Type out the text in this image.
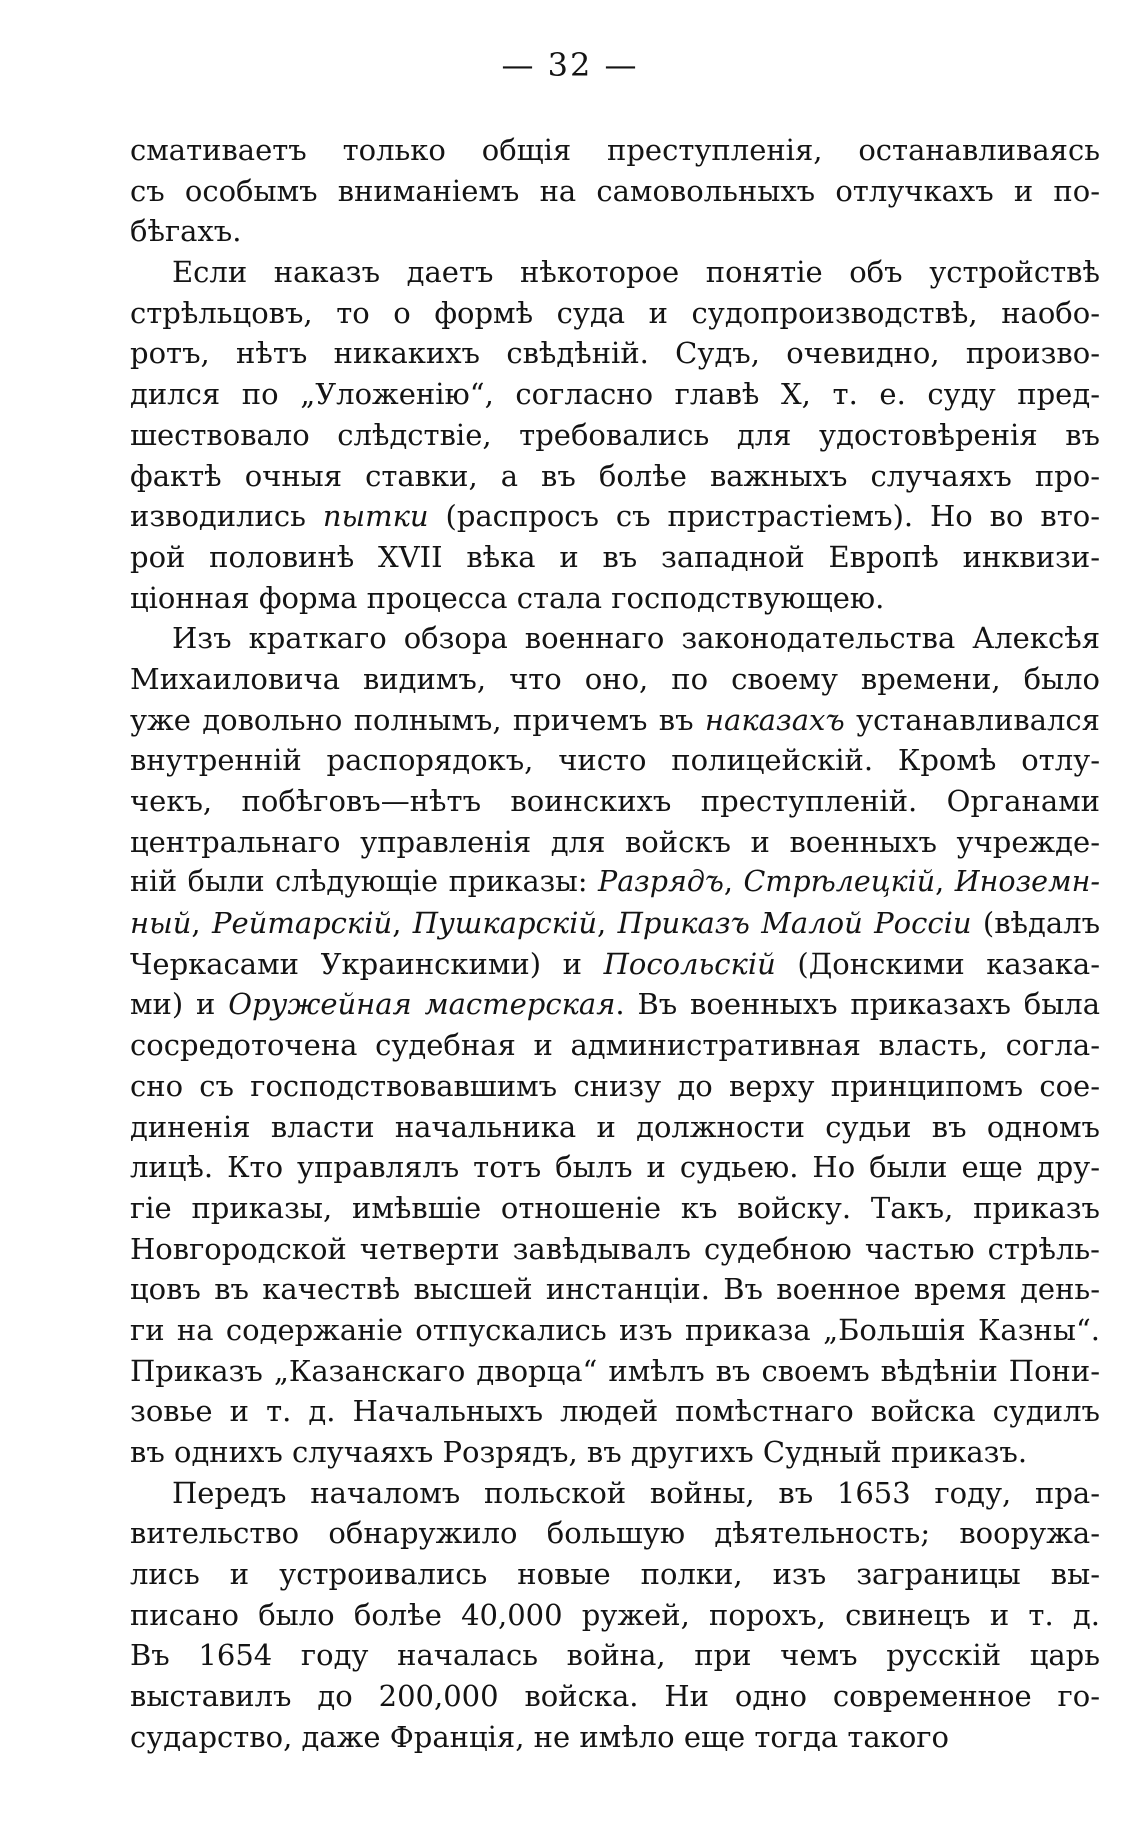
— 32 —
смативаетъ только общія преступленія, останавливаясь
съ особымъ вниманіемъ на самовольныхъ отлучкахъ и по-
бѣгахъ.
Если наказъ даетъ нѣкоторое понятіе объ устройствѣ
стрѣльцовъ, то о формѣ суда и судопроизводствѣ, наобо-
ротъ, нѣтъ никакихъ свѣдѣній. Судъ, очевидно, произво-
дился по „Уложенію“, согласно главѣ X, т. е. суду пред-
шествовало слѣдствіе, требовались для удостовѣренія въ
фактѣ очныя ставки, а въ болѣе важныхъ случаяхъ про-
изводились пытки (распросъ съ пристрастіемъ). Но во вто-
рой половинѣ XVII вѣка и въ западной Европѣ инквизи-
ціонная форма процесса стала господствующею.
Изъ краткаго обзора военнаго законодательства Алексѣя
Михаиловича видимъ, что оно, по своему времени, было
уже довольно полнымъ, причемъ въ наказахъ устанавливался
внутренній распорядокъ, чисто полицейскій. Кромѣ отлу-
чекъ, побѣговъ—нѣтъ воинскихъ преступленій. Органами
центральнаго управленія для войскъ и военныхъ учрежде-
ній были слѣдующіе приказы: Разрядъ, Стрѣлецкій, Иноземн-
ный, Рейтарскій, Пушкарскій, Приказъ Малой Россіи (вѣдалъ
Черкасами Украинскими) и Посольскій (Донскими казака-
ми) и Оружейная мастерская. Въ военныхъ приказахъ была
сосредоточена судебная и административная власть, согла-
сно съ господствовавшимъ снизу до верху принципомъ сое-
диненія власти начальника и должности судьи въ одномъ
лицѣ. Кто управлялъ тотъ былъ и судьею. Но были еще дру-
гіе приказы, имѣвшіе отношеніе къ войску. Такъ, приказъ
Новгородской четверти завѣдывалъ судебною частью стрѣль-
цовъ въ качествѣ высшей инстанціи. Въ военное время день-
ги на содержаніе отпускались изъ приказа „Большія Казны“.
Приказъ „Казанскаго дворца“ имѣлъ въ своемъ вѣдѣніи Пони-
зовье и т. д. Начальныхъ людей помѣстнаго войска судилъ
въ однихъ случаяхъ Розрядъ, въ другихъ Судный приказъ.
Передъ началомъ польской войны, въ 1653 году, пра-
вительство обнаружило большую дѣятельность; вооружа-
лись и устроивались новые полки, изъ заграницы вы-
писано было болѣе 40,000 ружей, порохъ, свинецъ и т. д.
Въ 1654 году началась война, при чемъ русскій царь
выставилъ до 200,000 войска. Ни одно современное го-
сударство, даже Франція, не имѣло еще тогда такого
